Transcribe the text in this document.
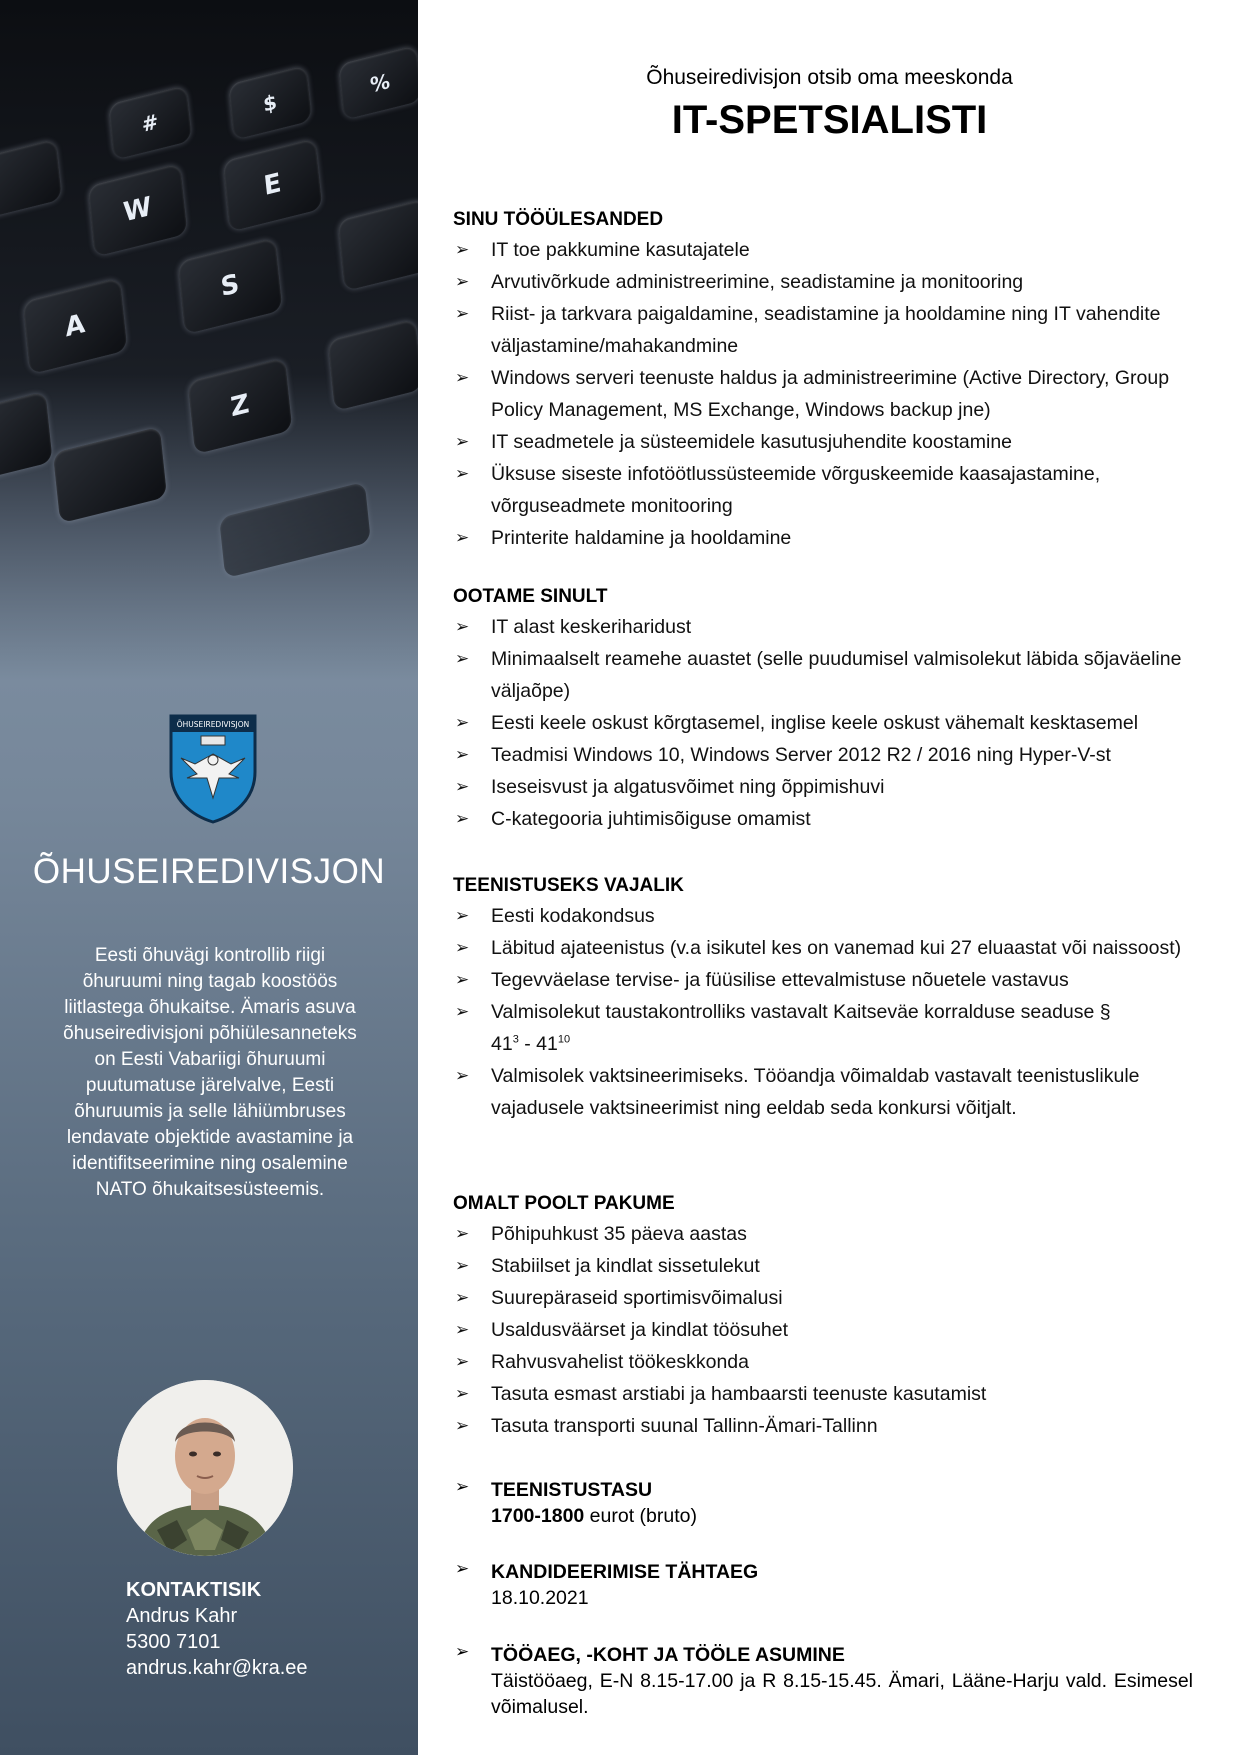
W
E
A
S
Z
#
$
%
ÕHUSEIREDIVISJON
ÕHUSEIREDIVISJON
Eesti õhuvägi kontrollib riigi õhuruumi ning tagab koostöös liitlastega õhukaitse. Ämaris asuva õhuseiredivisjoni põhiülesanneteks on Eesti Vabariigi õhuruumi puutumatuse järelvalve, Eesti õhuruumis ja selle lähiümbruses lendavate objektide avastamine ja identifitseerimine ning osalemine NATO õhukaitsesüsteemis.
KONTAKTISIK
Andrus Kahr
5300 7101
andrus.kahr@kra.ee
Õhuseiredivisjon otsib oma meeskonda
IT-SPETSIALISTI
SINU TÖÖÜLESANDED
➢ IT toe pakkumine kasutajatele
➢ Arvutivõrkude administreerimine, seadistamine ja monitooring
➢ Riist- ja tarkvara paigaldamine, seadistamine ja hooldamine ning IT vahendite väljastamine/mahakandmine
➢ Windows serveri teenuste haldus ja administreerimine (Active Directory, Group Policy Management, MS Exchange, Windows backup jne)
➢ IT seadmetele ja süsteemidele kasutusjuhendite koostamine
➢ Üksuse siseste infotöötlussüsteemide võrguskeemide kaasajastamine, võrguseadmete monitooring
➢ Printerite haldamine ja hooldamine
OOTAME SINULT
➢ IT alast keskeriharidust
➢ Minimaalselt reamehe auastet (selle puudumisel valmisolekut läbida sõjaväeline väljaõpe)
➢ Eesti keele oskust kõrgtasemel, inglise keele oskust vähemalt kesktasemel
➢ Teadmisi Windows 10, Windows Server 2012 R2 / 2016 ning Hyper-V-st
➢ Iseseisvust ja algatusvõimet ning õppimishuvi
➢ C-kategooria juhtimisõiguse omamist
TEENISTUSEKS VAJALIK
➢ Eesti kodakondsus
➢ Läbitud ajateenistus (v.a isikutel kes on vanemad kui 27 eluaastat või naissoost)
➢ Tegevväelase tervise- ja füüsilise ettevalmistuse nõuetele vastavus
➢ Valmisolekut taustakontrolliks vastavalt Kaitseväe korralduse seaduse §
$41^3 - 41^{10}$
➢ Valmisolek vaktsineerimiseks. Tööandja võimaldab vastavalt teenistuslikule vajadusele vaktsineerimist ning eeldab seda konkursi võitjalt.
OMALT POOLT PAKUME
➢ Põhipuhkust 35 päeva aastas
➢ Stabiilset ja kindlat sissetulekut
➢ Suurepäraseid sportimisvõimalusi
➢ Usaldusväärset ja kindlat töösuhet
➢ Rahvusvahelist töökeskkonda
➢ Tasuta esmast arstiabi ja hambaarsti teenuste kasutamist
➢ Tasuta transporti suunal Tallinn-Ämari-Tallinn
➢ TEENISTUSTASU
1700-1800 eurot (bruto)
➢ KANDIDEERIMISE TÄHTAEG
18.10.2021
➢ TÖÖAEG, -KOHT JA TÖÖLE ASUMINE
Täistööaeg, E-N 8.15-17.00 ja R 8.15-15.45. Ämari, Lääne-Harju vald. Esimesel võimalusel.
